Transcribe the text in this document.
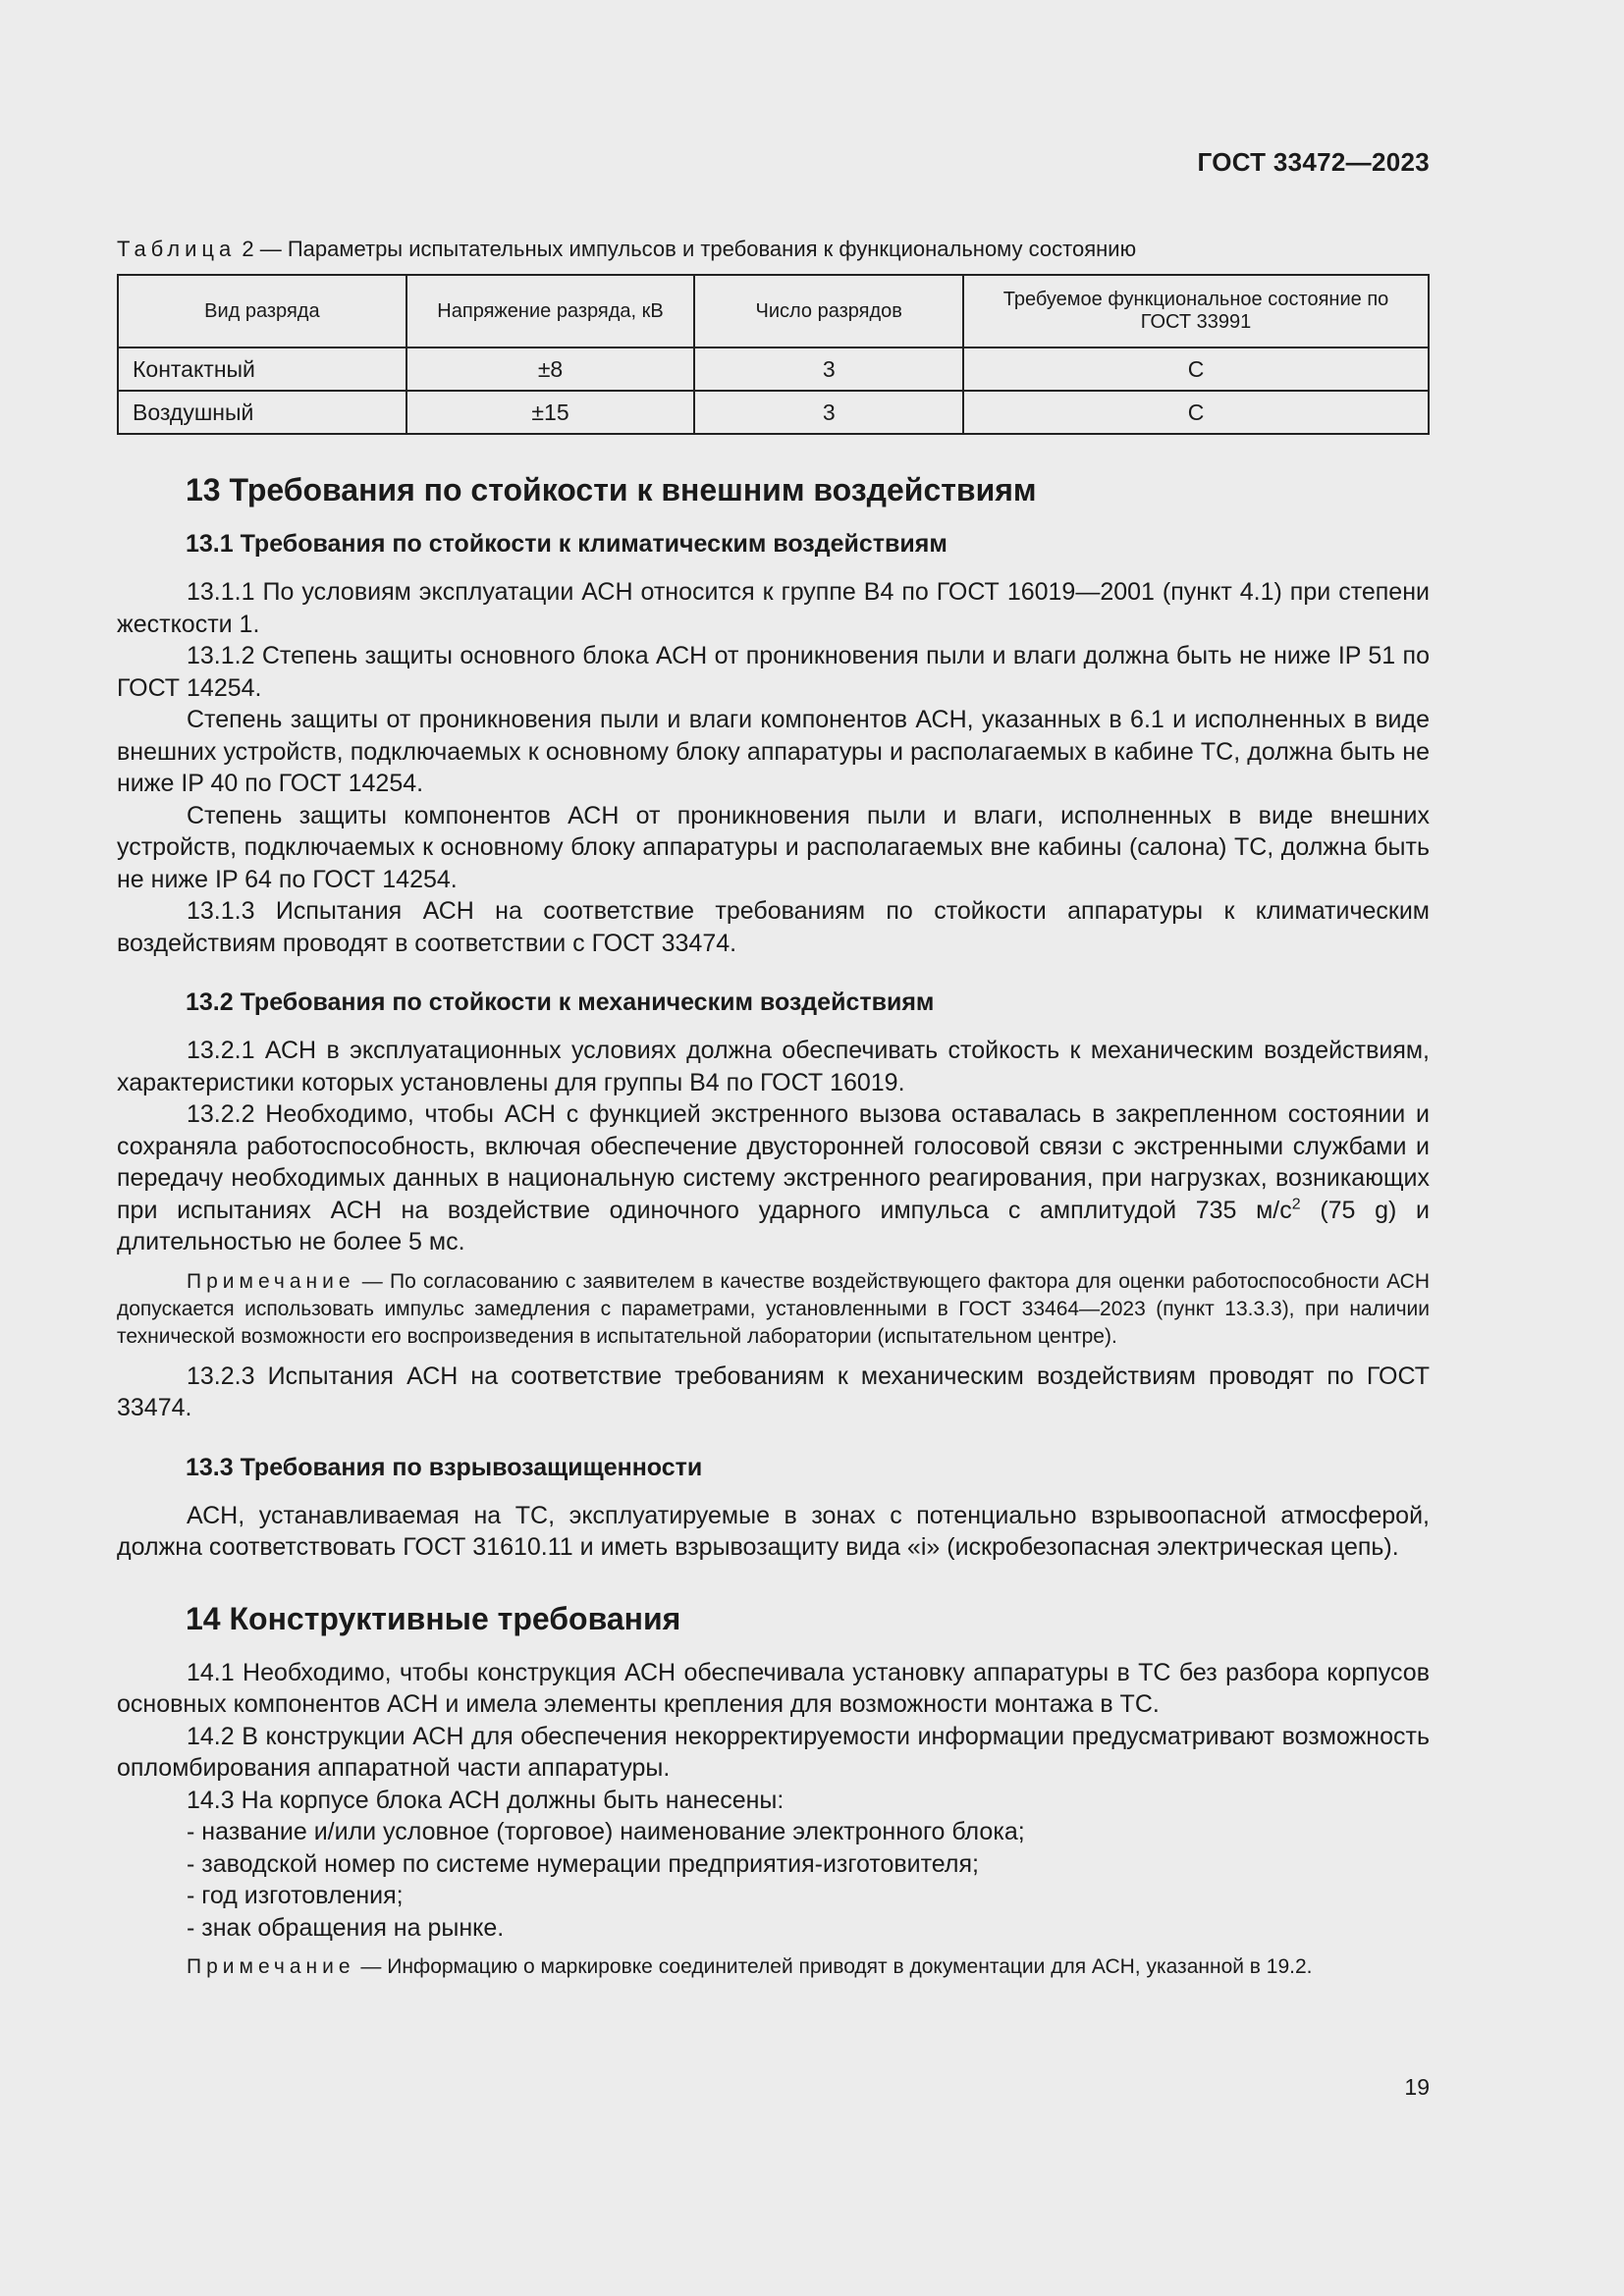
ГОСТ 33472—2023
Таблица 2 — Параметры испытательных импульсов и требования к функциональному состоянию
Вид разряда	Напряжение разряда, кВ	Число разрядов	Требуемое функциональное состояние по ГОСТ 33991
Контактный	±8	3	С
Воздушный	±15	3	С
13 Требования по стойкости к внешним воздействиям
13.1 Требования по стойкости к климатическим воздействиям

13.1.1 По условиям эксплуатации АСН относится к группе В4 по ГОСТ 16019—2001 (пункт 4.1) при степени жесткости 1.

13.1.2 Степень защиты основного блока АСН от проникновения пыли и влаги должна быть не ниже IP 51 по ГОСТ 14254.

Степень защиты от проникновения пыли и влаги компонентов АСН, указанных в 6.1 и исполненных в виде внешних устройств, подключаемых к основному блоку аппаратуры и располагаемых в кабине ТС, должна быть не ниже IP 40 по ГОСТ 14254.

Степень защиты компонентов АСН от проникновения пыли и влаги, исполненных в виде внешних устройств, подключаемых к основному блоку аппаратуры и располагаемых вне кабины (салона) ТС, должна быть не ниже IP 64 по ГОСТ 14254.

13.1.3 Испытания АСН на соответствие требованиям по стойкости аппаратуры к климатическим воздействиям проводят в соответствии с ГОСТ 33474.

13.2 Требования по стойкости к механическим воздействиям

13.2.1 АСН в эксплуатационных условиях должна обеспечивать стойкость к механическим воздействиям, характеристики которых установлены для группы В4 по ГОСТ 16019.

13.2.2 Необходимо, чтобы АСН с функцией экстренного вызова оставалась в закрепленном состоянии и сохраняла работоспособность, включая обеспечение двусторонней голосовой связи с экстренными службами и передачу необходимых данных в национальную систему экстренного реагирования, при нагрузках, возникающих при испытаниях АСН на воздействие одиночного ударного импульса с амплитудой 735 $м/с^2$ (75 g) и длительностью не более 5 мс.

Примечание — По согласованию с заявителем в качестве воздействующего фактора для оценки работоспособности АСН допускается использовать импульс замедления с параметрами, установленными в ГОСТ 33464—2023 (пункт 13.3.3), при наличии технической возможности его воспроизведения в испытательной лаборатории (испытательном центре).

13.2.3 Испытания АСН на соответствие требованиям к механическим воздействиям проводят по ГОСТ 33474.

13.3 Требования по взрывозащищенности

АСН, устанавливаемая на ТС, эксплуатируемые в зонах с потенциально взрывоопасной атмосферой, должна соответствовать ГОСТ 31610.11 и иметь взрывозащиту вида «i» (искробезопасная электрическая цепь).

14 Конструктивные требования

14.1 Необходимо, чтобы конструкция АСН обеспечивала установку аппаратуры в ТС без разбора корпусов основных компонентов АСН и имела элементы крепления для возможности монтажа в ТС.

14.2 В конструкции АСН для обеспечения некорректируемости информации предусматривают возможность опломбирования аппаратной части аппаратуры.

14.3 На корпусе блока АСН должны быть нанесены:

- название и/или условное (торговое) наименование электронного блока;
- заводской номер по системе нумерации предприятия-изготовителя;
- год изготовления;
- знак обращения на рынке.

Примечание — Информацию о маркировке соединителей приводят в документации для АСН, указанной в 19.2.

19
